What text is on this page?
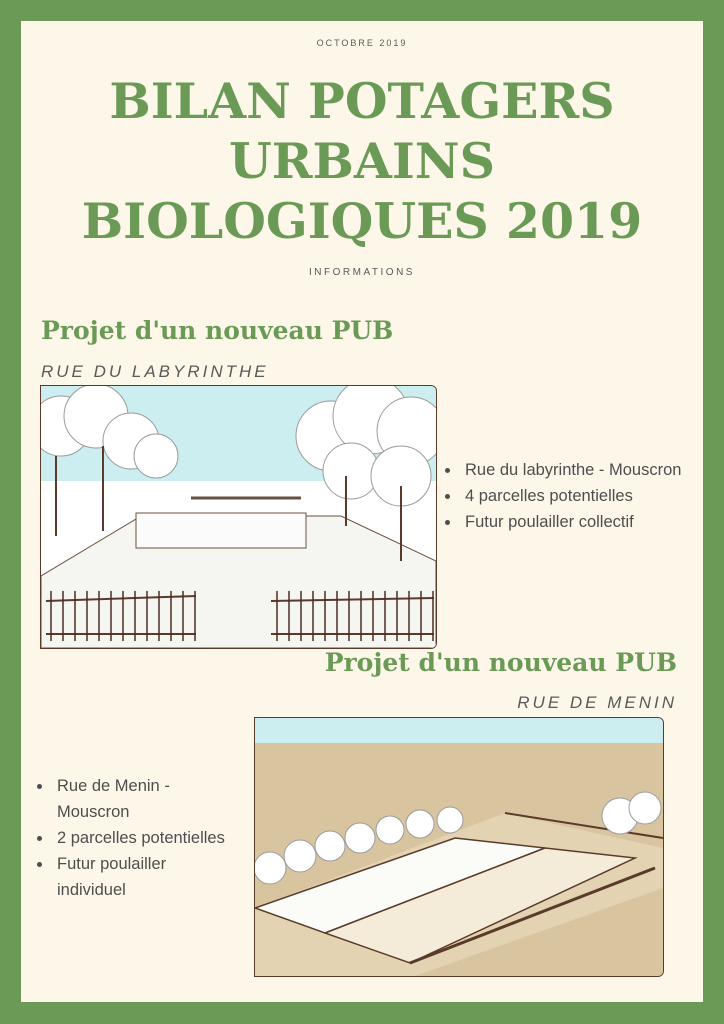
OCTOBRE 2019
BILAN POTAGERS
URBAINS
BIOLOGIQUES 2019
INFORMATIONS
Projet d'un nouveau PUB
RUE DU LABYRINTHE
Rue du labyrinthe - Mouscron
4 parcelles potentielles
Futur poulailler collectif
Projet d'un nouveau PUB
RUE DE MENIN
Rue de Menin - Mouscron
2 parcelles potentielles
Futur poulailler individuel
